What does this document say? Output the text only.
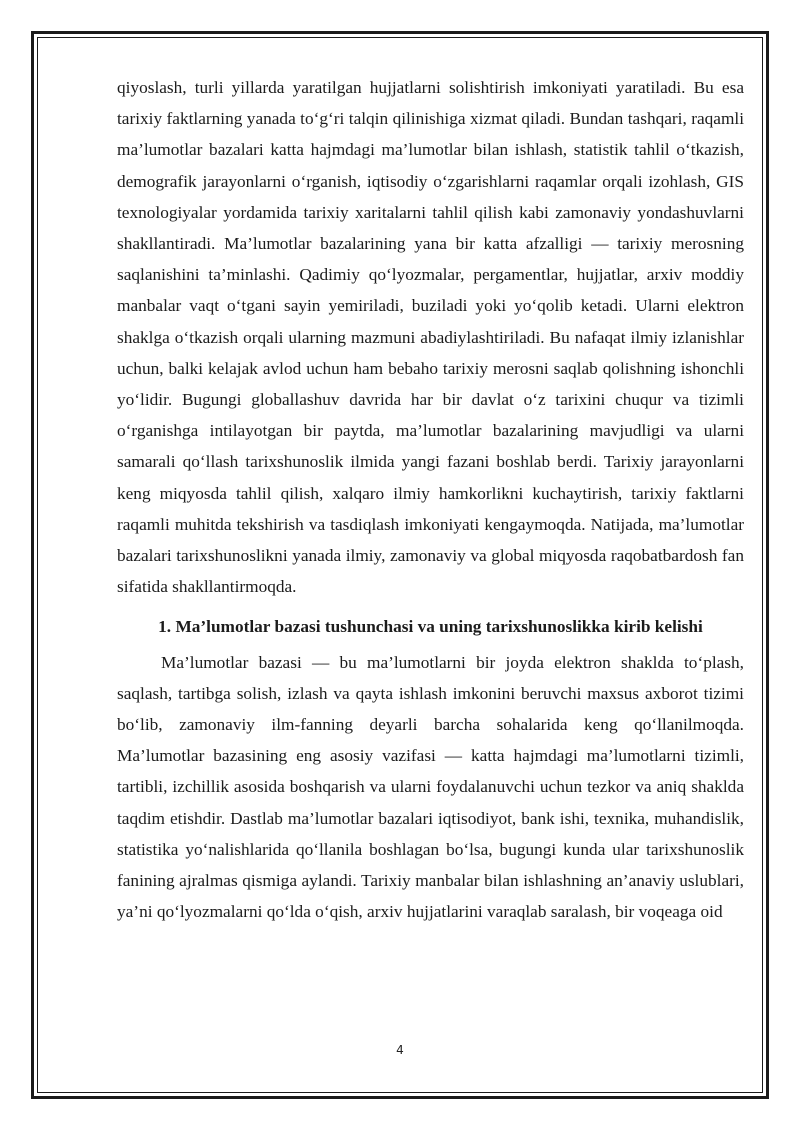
qiyoslash, turli yillarda yaratilgan hujjatlarni solishtirish imkoniyati yaratiladi. Bu esa tarixiy faktlarning yanada to‘g‘ri talqin qilinishiga xizmat qiladi. Bundan tashqari, raqamli ma’lumotlar bazalari katta hajmdagi ma’lumotlar bilan ishlash, statistik tahlil o‘tkazish, demografik jarayonlarni o‘rganish, iqtisodiy o‘zgarishlarni raqamlar orqali izohlash, GIS texnologiyalar yordamida tarixiy xaritalarni tahlil qilish kabi zamonaviy yondashuvlarni shakllantiradi. Ma’lumotlar bazalarining yana bir katta afzalligi — tarixiy merosning saqlanishini ta’minlashi. Qadimiy qo‘lyozmalar, pergamentlar, hujjatlar, arxiv moddiy manbalar vaqt o‘tgani sayin yemiriladi, buziladi yoki yo‘qolib ketadi. Ularni elektron shaklga o‘tkazish orqali ularning mazmuni abadiylashtiriladi. Bu nafaqat ilmiy izlanishlar uchun, balki kelajak avlod uchun ham bebaho tarixiy merosni saqlab qolishning ishonchli yo‘lidir. Bugungi globallashuv davrida har bir davlat o‘z tarixini chuqur va tizimli o‘rganishga intilayotgan bir paytda, ma’lumotlar bazalarining mavjudligi va ularni samarali qo‘llash tarixshunoslik ilmida yangi fazani boshlab berdi. Tarixiy jarayonlarni keng miqyosda tahlil qilish, xalqaro ilmiy hamkorlikni kuchaytirish, tarixiy faktlarni raqamli muhitda tekshirish va tasdiqlash imkoniyati kengaymoqda. Natijada, ma’lumotlar bazalari tarixshunoslikni yanada ilmiy, zamonaviy va global miqyosda raqobatbardosh fan sifatida shakllantirmoqda.

1. Ma’lumotlar bazasi tushunchasi va uning tarixshunoslikka kirib kelishi

Ma’lumotlar bazasi — bu ma’lumotlarni bir joyda elektron shaklda to‘plash, saqlash, tartibga solish, izlash va qayta ishlash imkonini beruvchi maxsus axborot tizimi bo‘lib, zamonaviy ilm-fanning deyarli barcha sohalarida keng qo‘llanilmoqda. Ma’lumotlar bazasining eng asosiy vazifasi — katta hajmdagi ma’lumotlarni tizimli, tartibli, izchillik asosida boshqarish va ularni foydalanuvchi uchun tezkor va aniq shaklda taqdim etishdir. Dastlab ma’lumotlar bazalari iqtisodiyot, bank ishi, texnika, muhandislik, statistika yo‘nalishlarida qo‘llanila boshlagan bo‘lsa, bugungi kunda ular tarixshunoslik fanining ajralmas qismiga aylandi. Tarixiy manbalar bilan ishlashning an’anaviy uslublari, ya’ni qo‘lyozmalarni qo‘lda o‘qish, arxiv hujjatlarini varaqlab saralash, bir voqeaga oid

4
